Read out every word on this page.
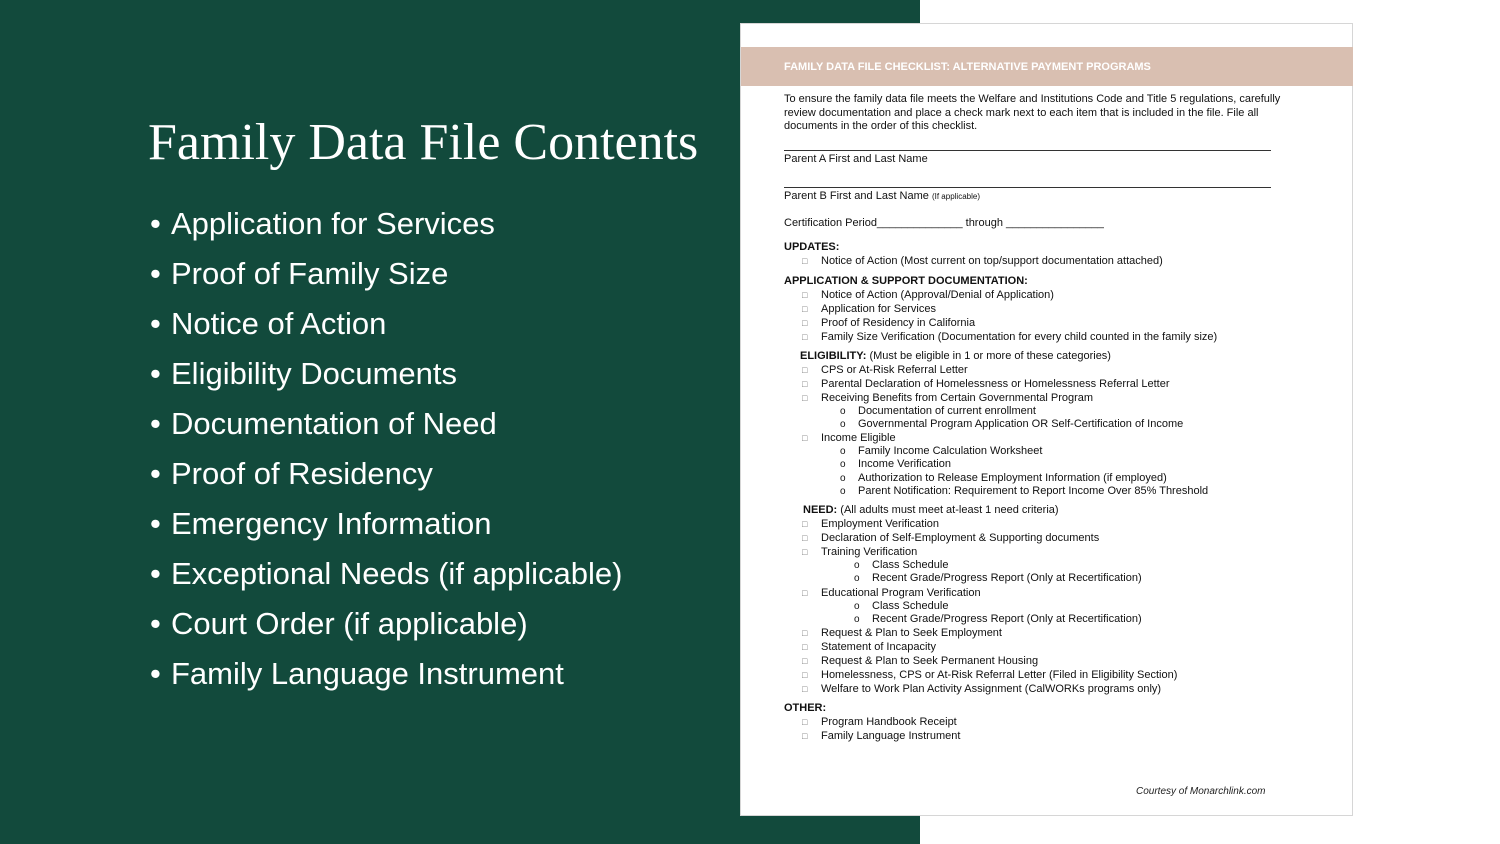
Family Data File Contents
• Application for Services
• Proof of Family Size
• Notice of Action
• Eligibility Documents
• Documentation of Need
• Proof of Residency
• Emergency Information
• Exceptional Needs (if applicable)
• Court Order (if applicable)
• Family Language Instrument
FAMILY DATA FILE CHECKLIST: ALTERNATIVE PAYMENT PROGRAMS
To ensure the family data file meets the Welfare and Institutions Code and Title 5 regulations, carefully review documentation and place a check mark next to each item that is included in the file. File all documents in the order of this checklist.
Parent A First and Last Name
Parent B First and Last Name (If applicable)
Certification Period______________ through ________________
UPDATES:
□ Notice of Action (Most current on top/support documentation attached)
APPLICATION & SUPPORT DOCUMENTATION:
□ Notice of Action (Approval/Denial of Application)
□ Application for Services
□ Proof of Residency in California
□ Family Size Verification (Documentation for every child counted in the family size)
ELIGIBILITY: (Must be eligible in 1 or more of these categories)
□ CPS or At-Risk Referral Letter
□ Parental Declaration of Homelessness or Homelessness Referral Letter
□ Receiving Benefits from Certain Governmental Program
o Documentation of current enrollment
o Governmental Program Application OR Self-Certification of Income
□ Income Eligible
o Family Income Calculation Worksheet
o Income Verification
o Authorization to Release Employment Information (if employed)
o Parent Notification: Requirement to Report Income Over 85% Threshold
NEED: (All adults must meet at-least 1 need criteria)
□ Employment Verification
□ Declaration of Self-Employment & Supporting documents
□ Training Verification
o Class Schedule
o Recent Grade/Progress Report (Only at Recertification)
□ Educational Program Verification
o Class Schedule
o Recent Grade/Progress Report (Only at Recertification)
□ Request & Plan to Seek Employment
□ Statement of Incapacity
□ Request & Plan to Seek Permanent Housing
□ Homelessness, CPS or At-Risk Referral Letter (Filed in Eligibility Section)
□ Welfare to Work Plan Activity Assignment (CalWORKs programs only)
OTHER:
□ Program Handbook Receipt
□ Family Language Instrument
Courtesy of Monarchlink.com
